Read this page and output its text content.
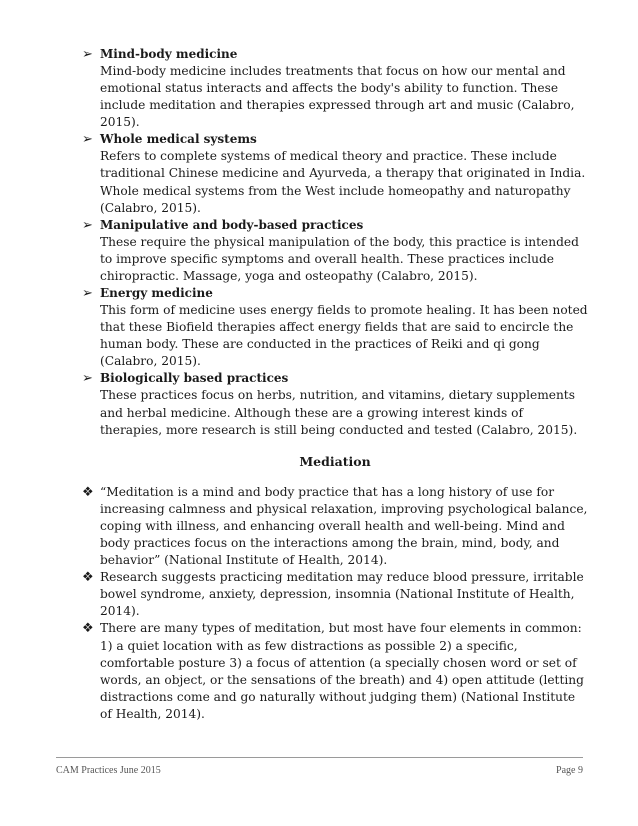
➢ Mind-body medicine

Mind-body medicine includes treatments that focus on how our mental and emotional status interacts and affects the body's ability to function. These include meditation and therapies expressed through art and music (Calabro, 2015).

➢ Whole medical systems

Refers to complete systems of medical theory and practice. These include traditional Chinese medicine and Ayurveda, a therapy that originated in India. Whole medical systems from the West include homeopathy and naturopathy (Calabro, 2015).

➢ Manipulative and body-based practices

These require the physical manipulation of the body, this practice is intended to improve specific symptoms and overall health. These practices include chiropractic. Massage, yoga and osteopathy (Calabro, 2015).

➢ Energy medicine

This form of medicine uses energy fields to promote healing. It has been noted that these Biofield therapies affect energy fields that are said to encircle the human body. These are conducted in the practices of Reiki and qi gong (Calabro, 2015).

➢ Biologically based practices

These practices focus on herbs, nutrition, and vitamins, dietary supplements and herbal medicine. Although these are a growing interest kinds of therapies, more research is still being conducted and tested (Calabro, 2015).

Mediation

❖ “Meditation is a mind and body practice that has a long history of use for increasing calmness and physical relaxation, improving psychological balance, coping with illness, and enhancing overall health and well-being. Mind and body practices focus on the interactions among the brain, mind, body, and behavior” (National Institute of Health, 2014).

❖ Research suggests practicing meditation may reduce blood pressure, irritable bowel syndrome, anxiety, depression, insomnia (National Institute of Health, 2014).

❖ There are many types of meditation, but most have four elements in common: 1) a quiet location with as few distractions as possible 2) a specific, comfortable posture 3) a focus of attention (a specially chosen word or set of words, an object, or the sensations of the breath) and 4) open attitude (letting distractions come and go naturally without judging them) (National Institute of Health, 2014).

CAM Practices June 2015	Page 9
